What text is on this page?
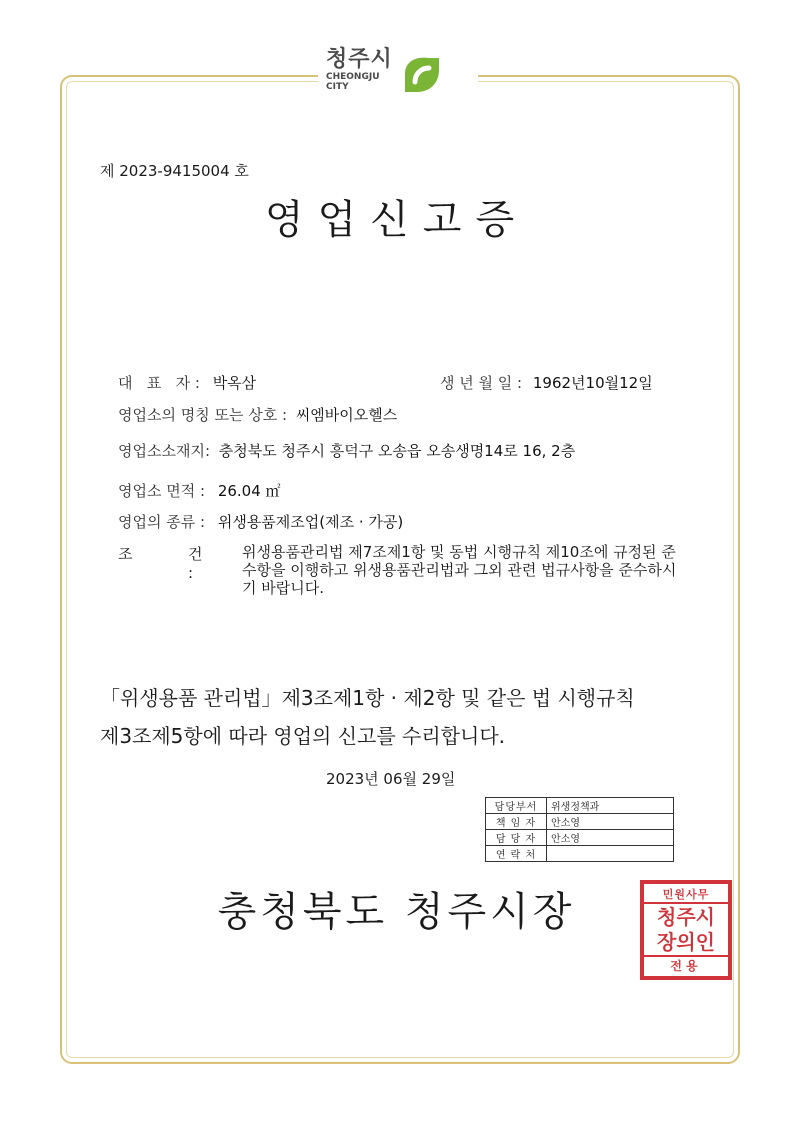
청주시
CHEONGJU
CITY
제 2023-9415004 호
영업신고증
대   표   자 : 박옥삼	생 년 월 일 : 1962년10월12일
영업소의 명칭 또는 상호 : 씨엠바이오헬스
영업소소재지: 충청북도 청주시 흥덕구 오송읍 오송생명14로 16, 2층
영업소 면적 : 26.04 ㎡
영업의 종류 : 위생용품제조업(제조 · 가공)
조	건 :
위생용품관리법 제7조제1항 및 동법 시행규칙 제10조에 규정된 준수항을 이행하고 위생용품관리법과 그외 관련 법규사항을 준수하시기 바랍니다.
「위생용품 관리법」제3조제1항 · 제2항 및 같은 법 시행규칙
제3조제5항에 따라 영업의 신고를 수리합니다.
2023년 06월 29일
담당부서	위생정책과
책 임 자	안소영
담 당 자	안소영
연 락 처	
충청북도 청주시장	민원사무
청주시
장의인
전용
